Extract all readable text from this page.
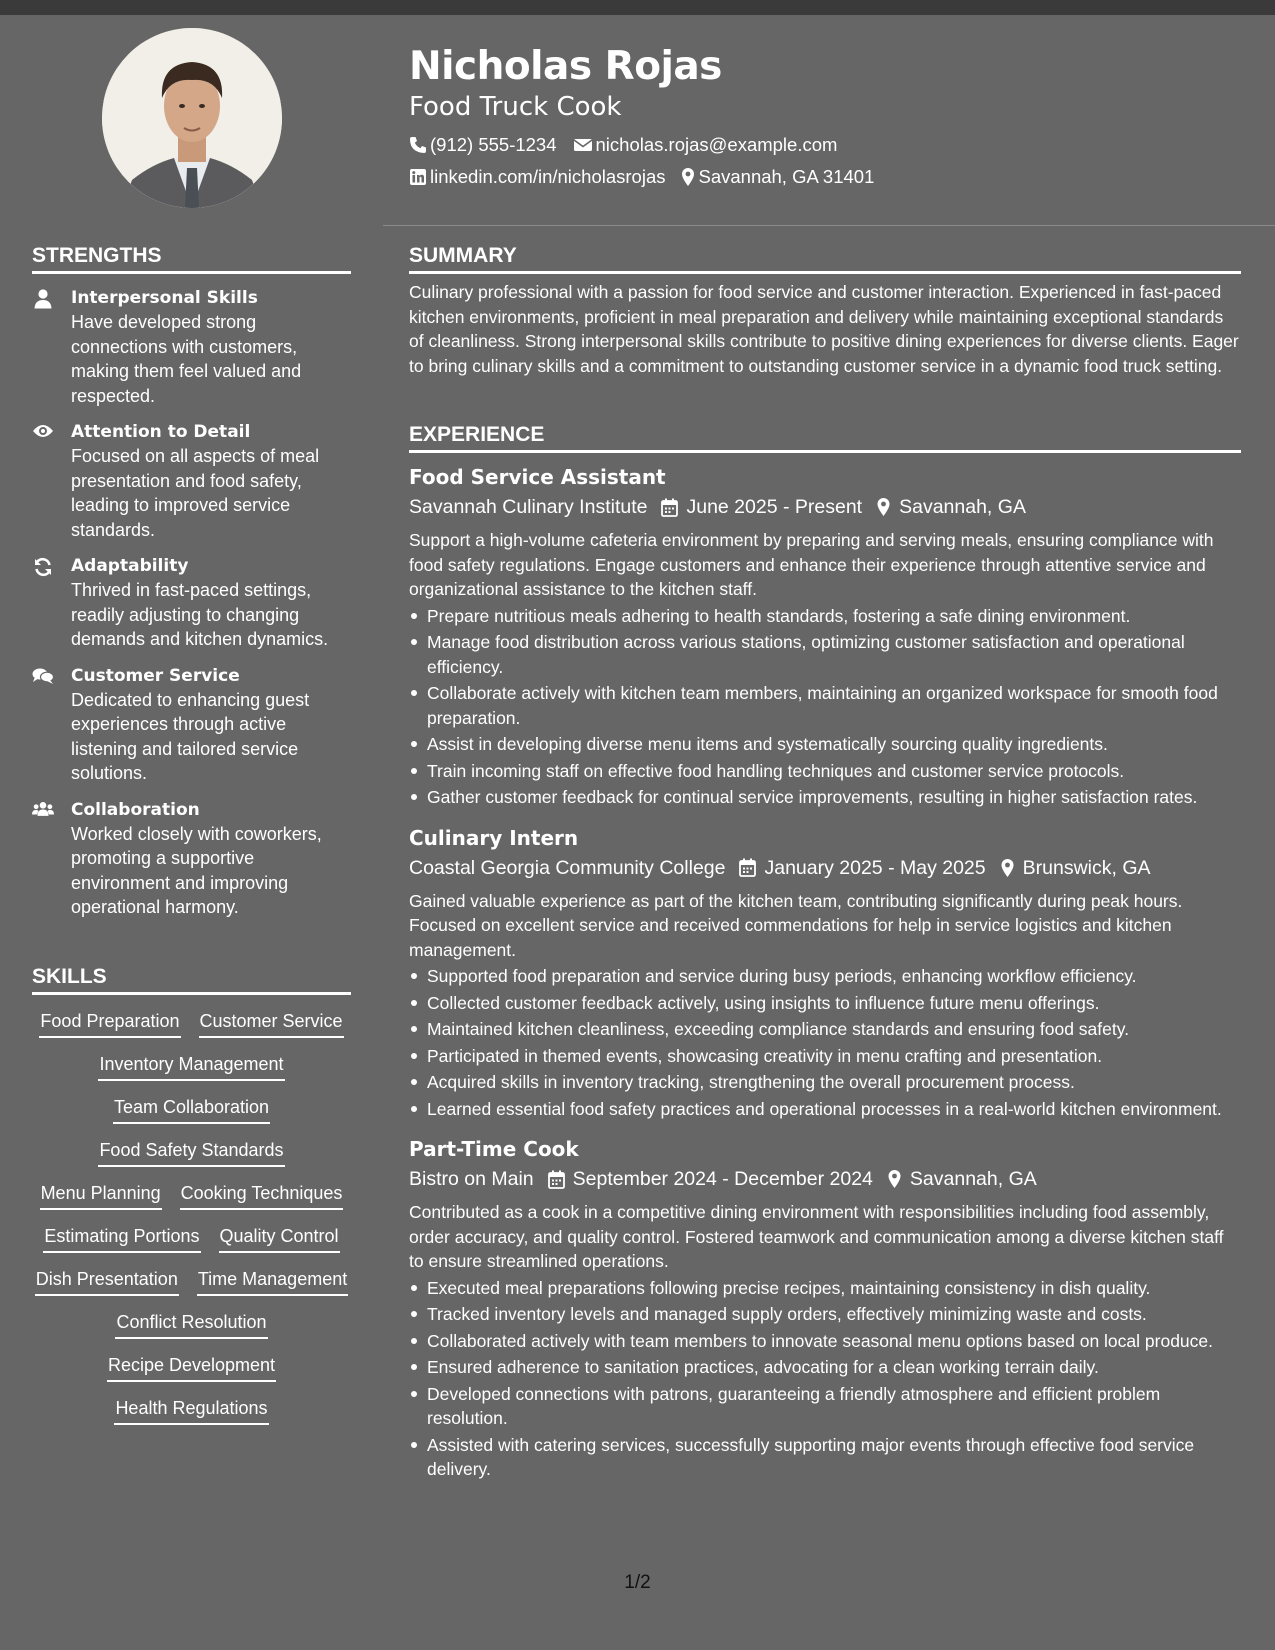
STRENGTHS
Interpersonal Skills
Have developed strong connections with customers, making them feel valued and respected.
Attention to Detail
Focused on all aspects of meal presentation and food safety, leading to improved service standards.
Adaptability
Thrived in fast-paced settings, readily adjusting to changing demands and kitchen dynamics.
Customer Service
Dedicated to enhancing guest experiences through active listening and tailored service solutions.
Collaboration
Worked closely with coworkers, promoting a supportive environment and improving operational harmony.
SKILLS
Food Preparation Customer Service
Inventory Management
Team Collaboration
Food Safety Standards
Menu Planning Cooking Techniques
Estimating Portions Quality Control
Dish Presentation Time Management
Conflict Resolution
Recipe Development
Health Regulations
Nicholas Rojas
Food Truck Cook
(912) 555-1234 nicholas.rojas@example.com
linkedin.com/in/nicholasrojas Savannah, GA 31401
SUMMARY
Culinary professional with a passion for food service and customer interaction. Experienced in fast-paced kitchen environments, proficient in meal preparation and delivery while maintaining exceptional standards of cleanliness. Strong interpersonal skills contribute to positive dining experiences for diverse clients. Eager to bring culinary skills and a commitment to outstanding customer service in a dynamic food truck setting.
EXPERIENCE
Food Service Assistant
Savannah Culinary Institute June 2025 - Present Savannah, GA
Support a high-volume cafeteria environment by preparing and serving meals, ensuring compliance with food safety regulations. Engage customers and enhance their experience through attentive service and organizational assistance to the kitchen staff.
Prepare nutritious meals adhering to health standards, fostering a safe dining environment.
Manage food distribution across various stations, optimizing customer satisfaction and operational efficiency.
Collaborate actively with kitchen team members, maintaining an organized workspace for smooth food preparation.
Assist in developing diverse menu items and systematically sourcing quality ingredients.
Train incoming staff on effective food handling techniques and customer service protocols.
Gather customer feedback for continual service improvements, resulting in higher satisfaction rates.
Culinary Intern
Coastal Georgia Community College January 2025 - May 2025 Brunswick, GA
Gained valuable experience as part of the kitchen team, contributing significantly during peak hours. Focused on excellent service and received commendations for help in service logistics and kitchen management.
Supported food preparation and service during busy periods, enhancing workflow efficiency.
Collected customer feedback actively, using insights to influence future menu offerings.
Maintained kitchen cleanliness, exceeding compliance standards and ensuring food safety.
Participated in themed events, showcasing creativity in menu crafting and presentation.
Acquired skills in inventory tracking, strengthening the overall procurement process.
Learned essential food safety practices and operational processes in a real-world kitchen environment.
Part-Time Cook
Bistro on Main September 2024 - December 2024 Savannah, GA
Contributed as a cook in a competitive dining environment with responsibilities including food assembly, order accuracy, and quality control. Fostered teamwork and communication among a diverse kitchen staff to ensure streamlined operations.
Executed meal preparations following precise recipes, maintaining consistency in dish quality.
Tracked inventory levels and managed supply orders, effectively minimizing waste and costs.
Collaborated actively with team members to innovate seasonal menu options based on local produce.
Ensured adherence to sanitation practices, advocating for a clean working terrain daily.
Developed connections with patrons, guaranteeing a friendly atmosphere and efficient problem resolution.
Assisted with catering services, successfully supporting major events through effective food service delivery.
1/2
